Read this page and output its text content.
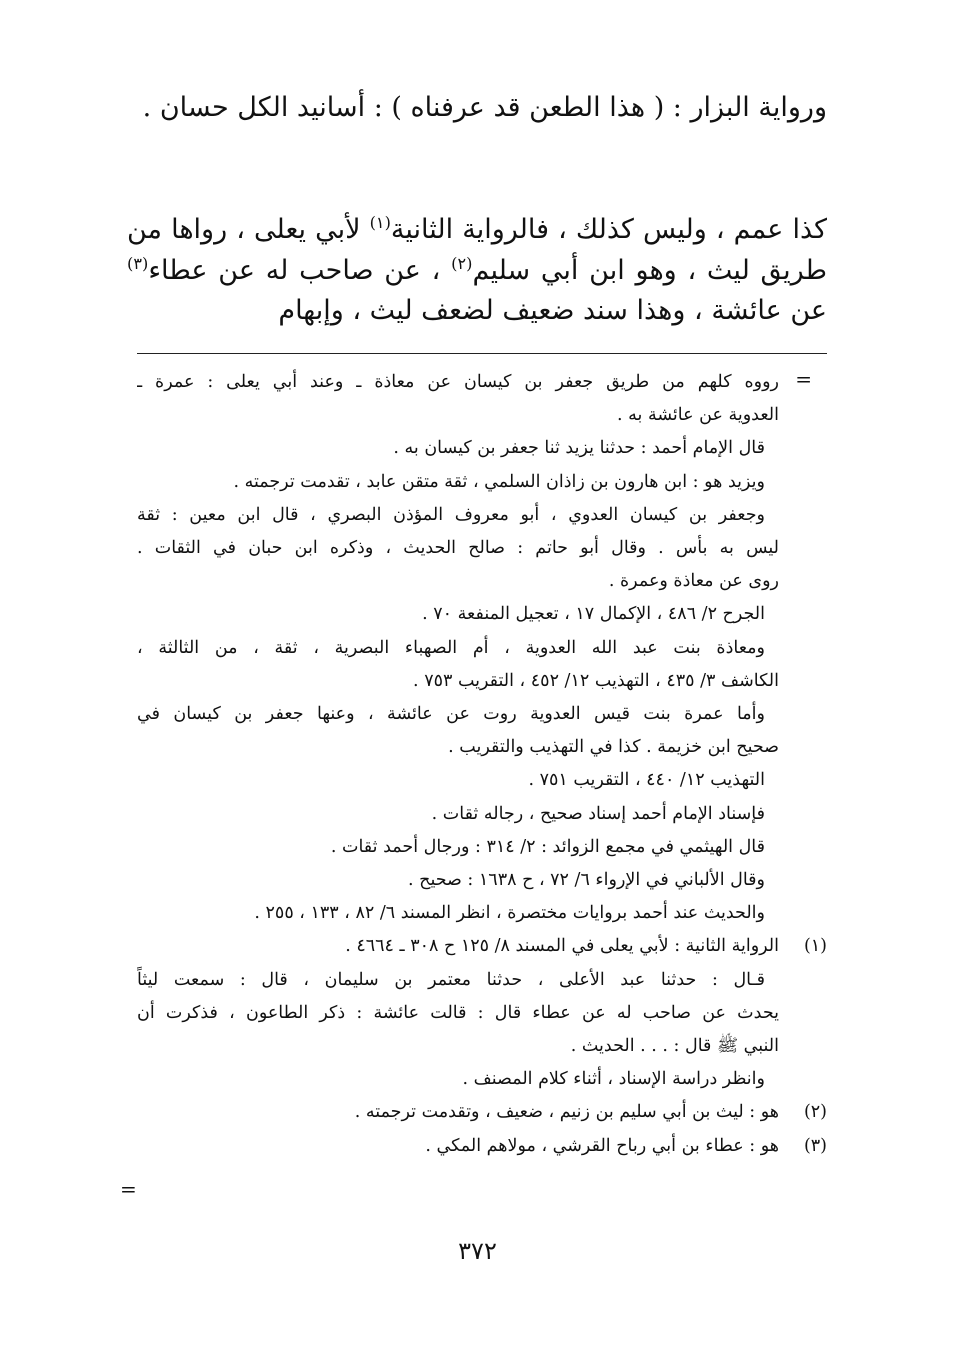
ورواية البزار : ( هذا الطعن قد عرفناه ) : أسانيد الكل حسان .

كذا عمم ، وليس كذلك ، فالرواية الثانية$^{(١)}$ لأبي يعلى ، رواها من طريق ليث ، وهو ابن أبي سليم$^{(٢)}$ ، عن صاحب له عن عطاء$^{(٣)}$ عن عائشة ، وهذا سند ضعيف لضعف ليث ، وإبهام

=
رووه كلهم من طريق جعفر بن كيسان عن معاذة ـ وعند أبي يعلى : عمرة ـ
العدوية عن عائشة به .
قال الإمام أحمد : حدثنا يزيد ثنا جعفر بن كيسان به .
ويزيد هو : ابن هارون بن زاذان السلمي ، ثقة متقن عابد ، تقدمت ترجمته .
وجعفر بن كيسان العدوي ، أبو معروف المؤذن البصري ، قال ابن معين : ثقة
ليس به بأس . وقال أبو حاتم : صالح الحديث ، وذكره ابن حبان في الثقات .
روى عن معاذة وعمرة .
الجرح ٢/ ٤٨٦ ، الإكمال ١٧ ، تعجيل المنفعة ٧٠ .
ومعاذة بنت عبد الله العدوية ، أم الصهباء البصرية ، ثقة ، من الثالثة ،
الكاشف ٣/ ٤٣٥ ، التهذيب ١٢/ ٤٥٢ ، التقريب ٧٥٣ .
وأما عمرة بنت قيس العدوية روت عن عائشة ، وعنها جعفر بن كيسان في
صحيح ابن خزيمة . كذا في التهذيب والتقريب .
التهذيب ١٢/ ٤٤٠ ، التقريب ٧٥١ .
فإسناد الإمام أحمد إسناد صحيح ، رجاله ثقات .
قال الهيثمي في مجمع الزوائد : ٢/ ٣١٤ : ورجال أحمد ثقات .
وقال الألباني في الإرواء ٦/ ٧٢ ، ح ١٦٣٨ : صحيح .
والحديث عند أحمد بروايات مختصرة ، انظر المسند ٦/ ٨٢ ، ١٣٣ ، ٢٥٥ .
(١)
الرواية الثانية : لأبي يعلى في المسند ٨/ ١٢٥ ح ٣٠٨ ـ ٤٦٦٤ .
قـال : حدثنا عبد الأعلى ، حدثنا معتمر بن سليمان ، قال : سمعت ليثاً
يحدث عن صاحب له عن عطاء قال : قالت عائشة : ذكر الطاعون ، فذكرت أن
النبي ﷺ قال : . . . الحديث .
وانظر دراسة الإسناد ، أثناء كلام المصنف .
(٢)
هو : ليث بن أبي سليم بن زنيم ، ضعيف ، وتقدمت ترجمته .
(٣)
هو : عطاء بن أبي رباح القرشي ، مولاهم المكي .
=
٣٧٢
